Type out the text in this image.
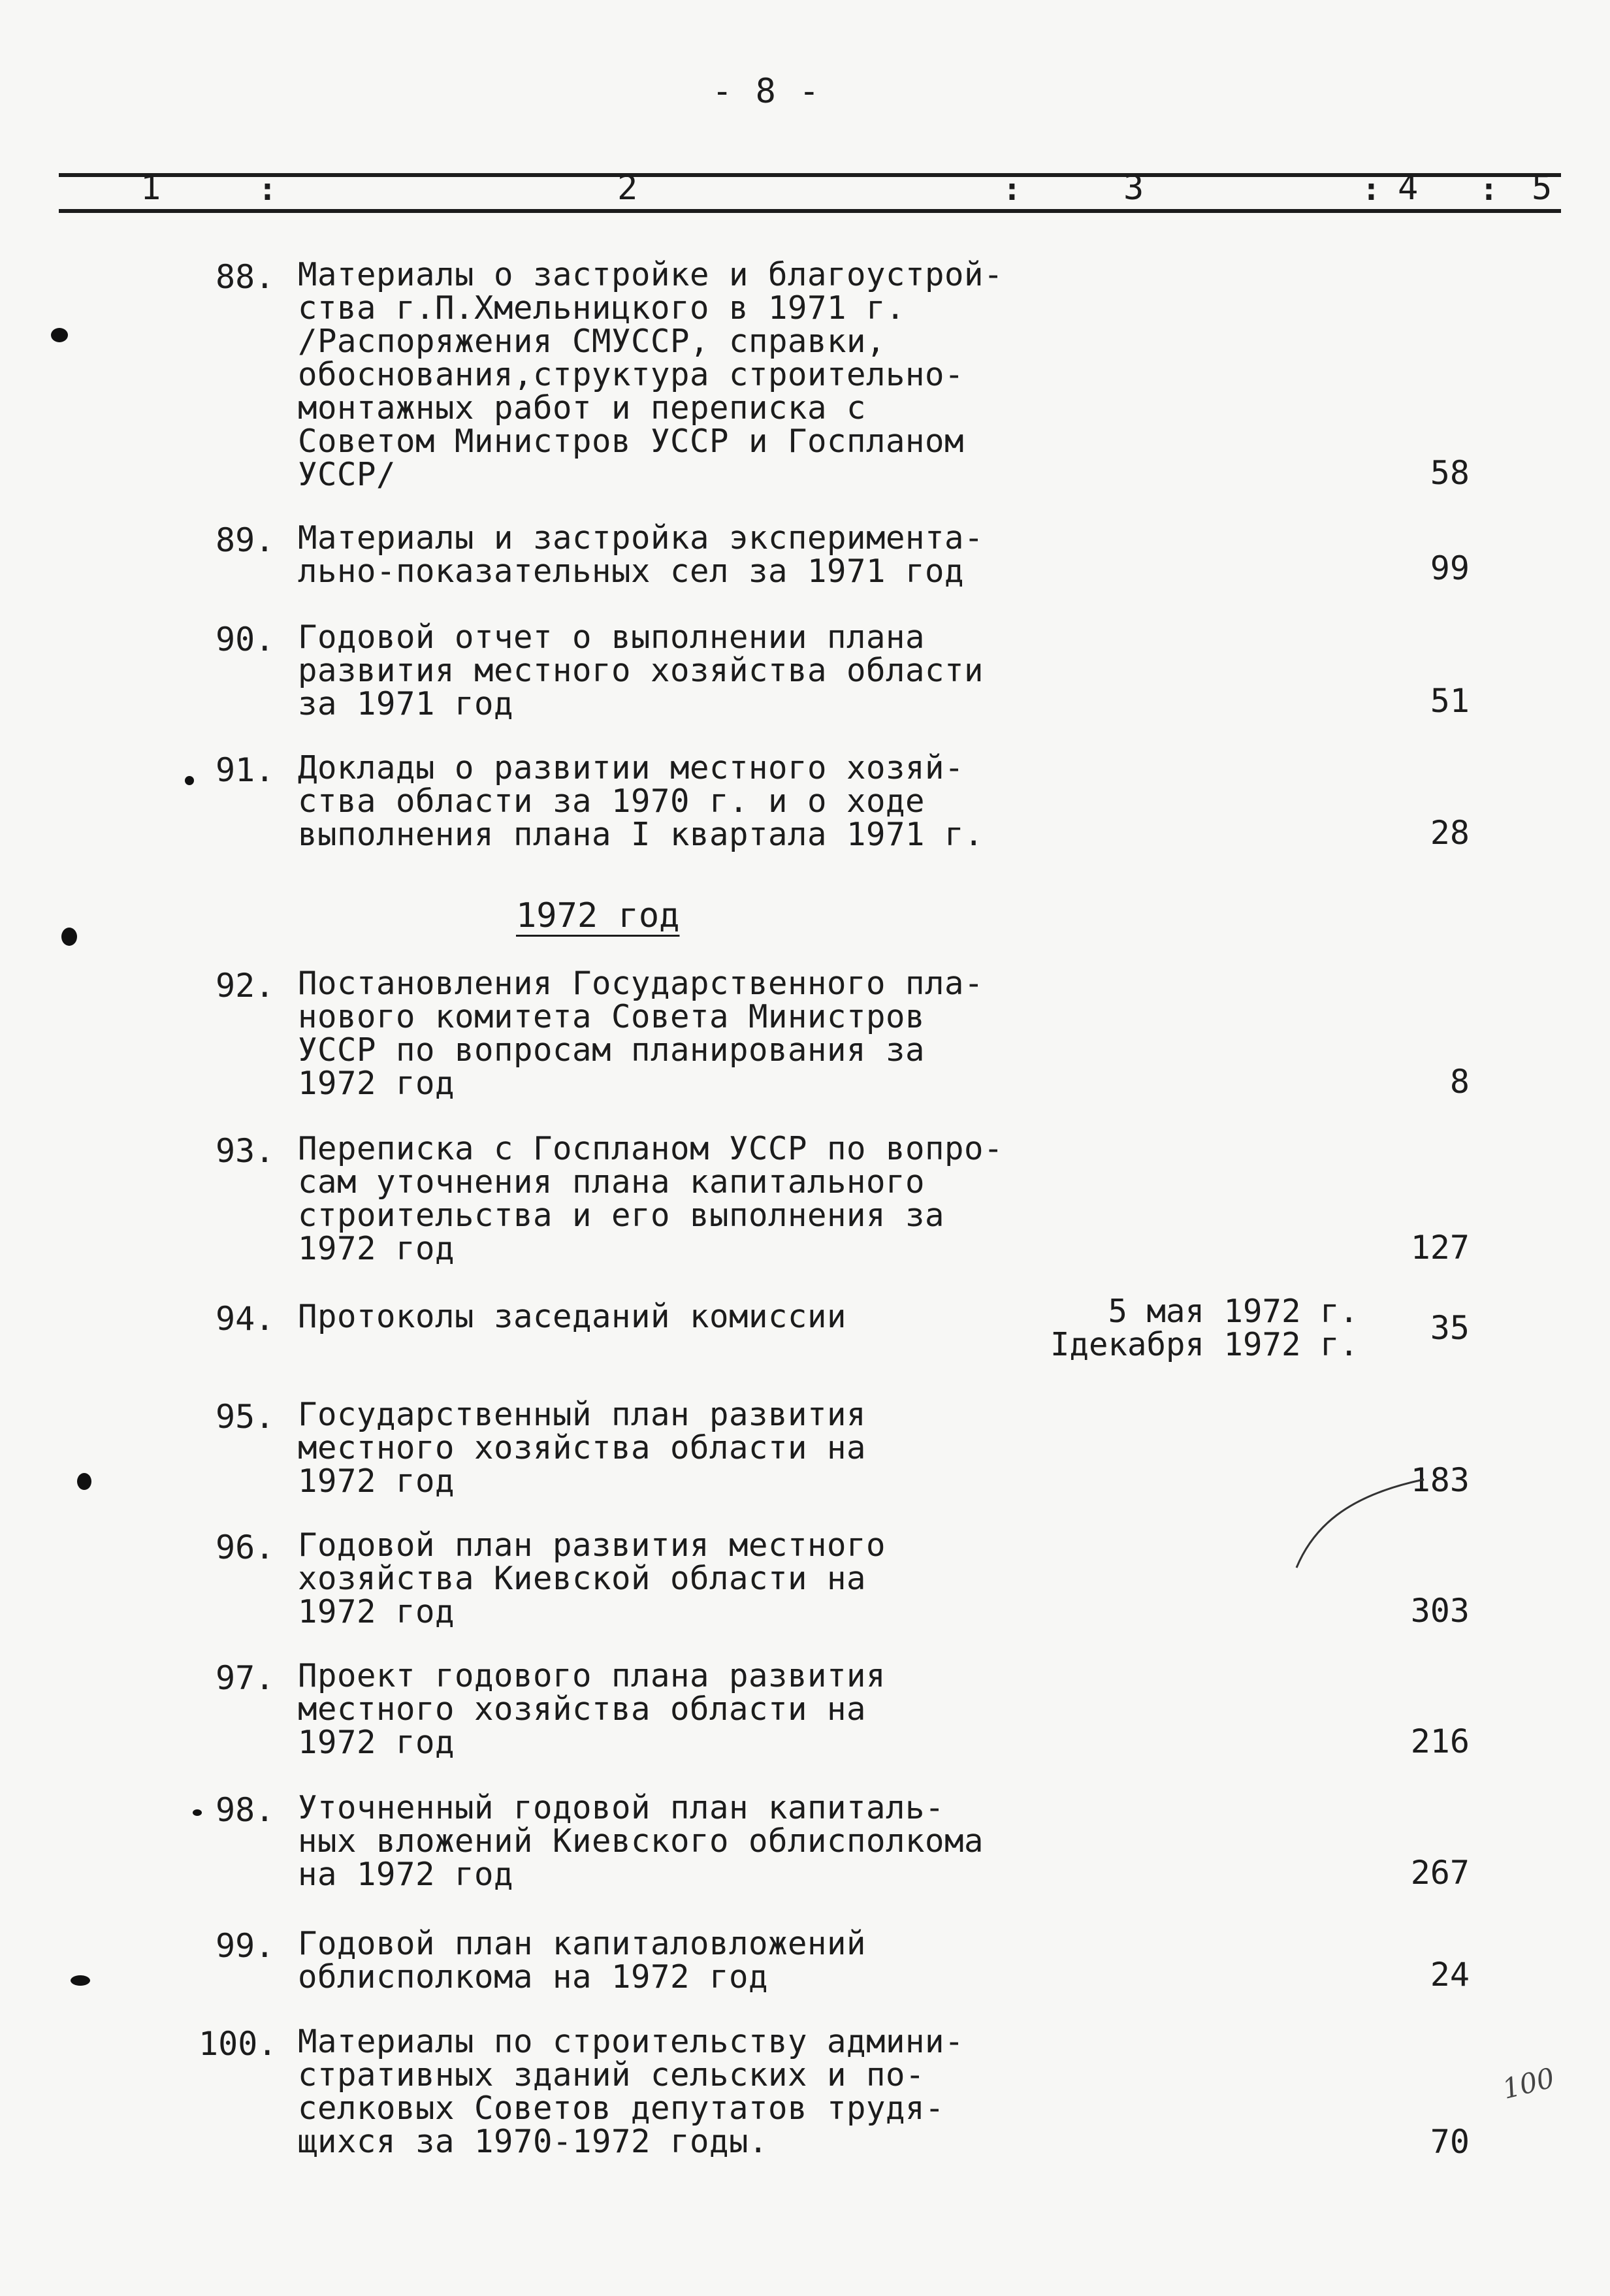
- 8 -
1	:	2	:	3	: 4 : 5
88. Материалы о застройке и благоустрой-
ства г.П.Хмельницкого в 1971 г.
/Распоряжения СМУССР, справки,
обоснования,структура строительно-
монтажных работ и переписка с
Советом Министров УССР и Госпланом
УССР/	58
89. Материалы и застройка эксперимента-
льно-показательных сел за 1971 год	99
90. Годовой отчет о выполнении плана
развития местного хозяйства области
за 1971 год	51
91. Доклады о развитии местного хозяй-
ства области за 1970 г. и о ходе
выполнения плана I квартала 1971 г.	28
1972 год
92. Постановления Государственного пла-
нового комитета Совета Министров
УССР по вопросам планирования за
1972 год	8
93. Переписка с Госпланом УССР по вопро-
сам уточнения плана капитального
строительства и его выполнения за
1972 год	127
94. Протоколы заседаний комиссии	5 мая 1972 г.
Iдекабря 1972 г.	35
95. Государственный план развития
местного хозяйства области на
1972 год	183
96. Годовой план развития местного
хозяйства Киевской области на
1972 год	303
97. Проект годового плана развития
местного хозяйства области на
1972 год	216
98. Уточненный годовой план капиталь-
ных вложений Киевского облисполкома
на 1972 год	267
99. Годовой план капиталовложений
облисполкома на 1972 год	24
100. Материалы по строительству админи-
стративных зданий сельских и по-
селковых Советов депутатов трудя-
щихся за 1970-1972 годы.	70
100
